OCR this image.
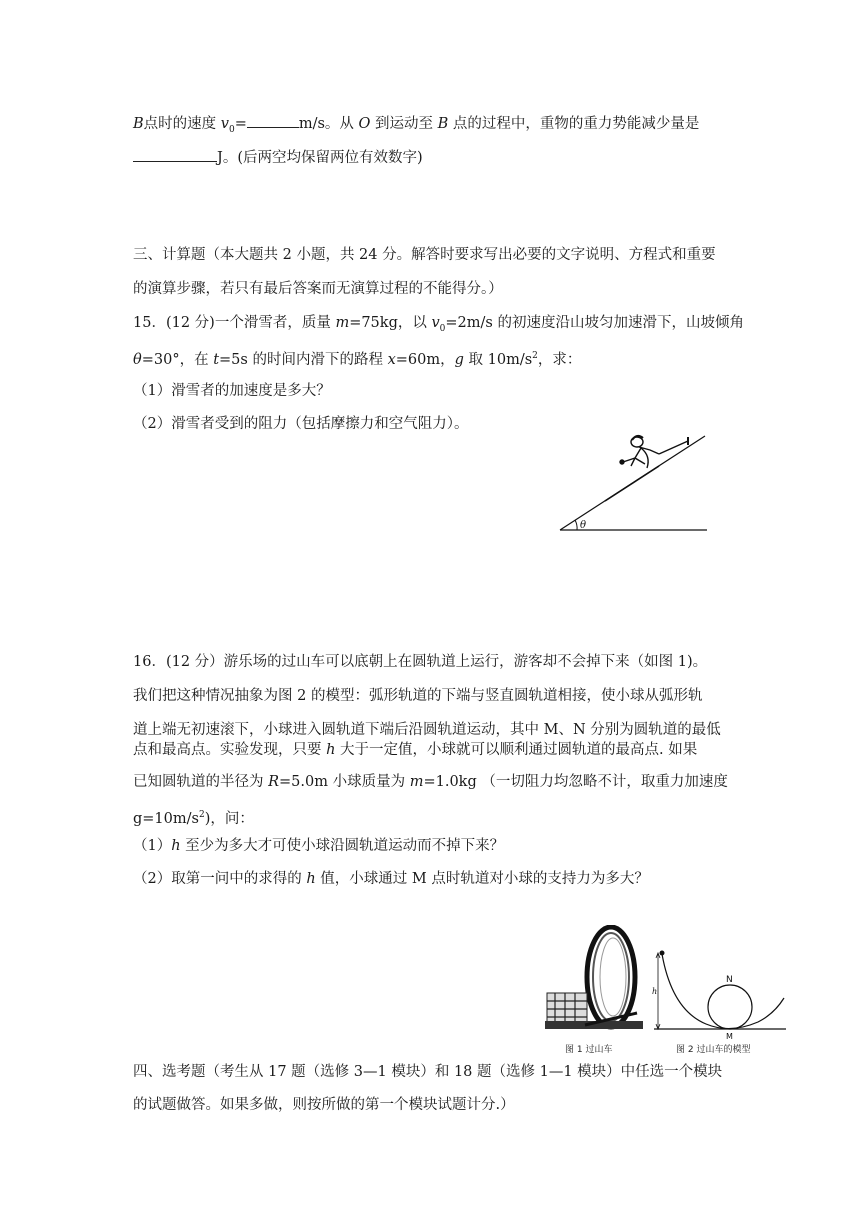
B点时的速度 $v_0=$	m/s。从 O 到运动至 B 点的过程中，重物的重力势能减少量是
J。(后两空均保留两位有效数字)
三、计算题（本大题共 2 小题，共 24 分。解答时要求写出必要的文字说明、方程式和重要
的演算步骤，若只有最后答案而无演算过程的不能得分。）
15．(12 分)一个滑雪者，质量 m=75kg，以 $v_0=2m/s$ 的初速度沿山坡匀加速滑下，山坡倾角
θ=30°，在 t=5s 的时间内滑下的路程 x=60m，g 取 $10m/s^2$，求：
（1）滑雪者的加速度是多大？
（2）滑雪者受到的阻力（包括摩擦力和空气阻力）。
θ
16．(12 分）游乐场的过山车可以底朝上在圆轨道上运行，游客却不会掉下来（如图 1)。
我们把这种情况抽象为图 2 的模型：弧形轨道的下端与竖直圆轨道相接，使小球从弧形轨
道上端无初速滚下，小球进入圆轨道下端后沿圆轨道运动，其中 M、N 分别为圆轨道的最低
点和最高点。实验发现，只要 h 大于一定值，小球就可以顺利通过圆轨道的最高点. 如果
已知圆轨道的半径为 R=5.0m 小球质量为 m=1.0kg （一切阻力均忽略不计，取重力加速度
$g=10m/s^2$)，问：
（1）h 至少为多大才可使小球沿圆轨道运动而不掉下来？
（2）取第一问中的求得的 h 值，小球通过 M 点时轨道对小球的支持力为多大？
图 1 过山车
h
N
M
图 2 过山车的模型
四、选考题（考生从 17 题（选修 3—1 模块）和 18 题（选修 1—1 模块）中任选一个模块
的试题做答。如果多做，则按所做的第一个模块试题计分.）
